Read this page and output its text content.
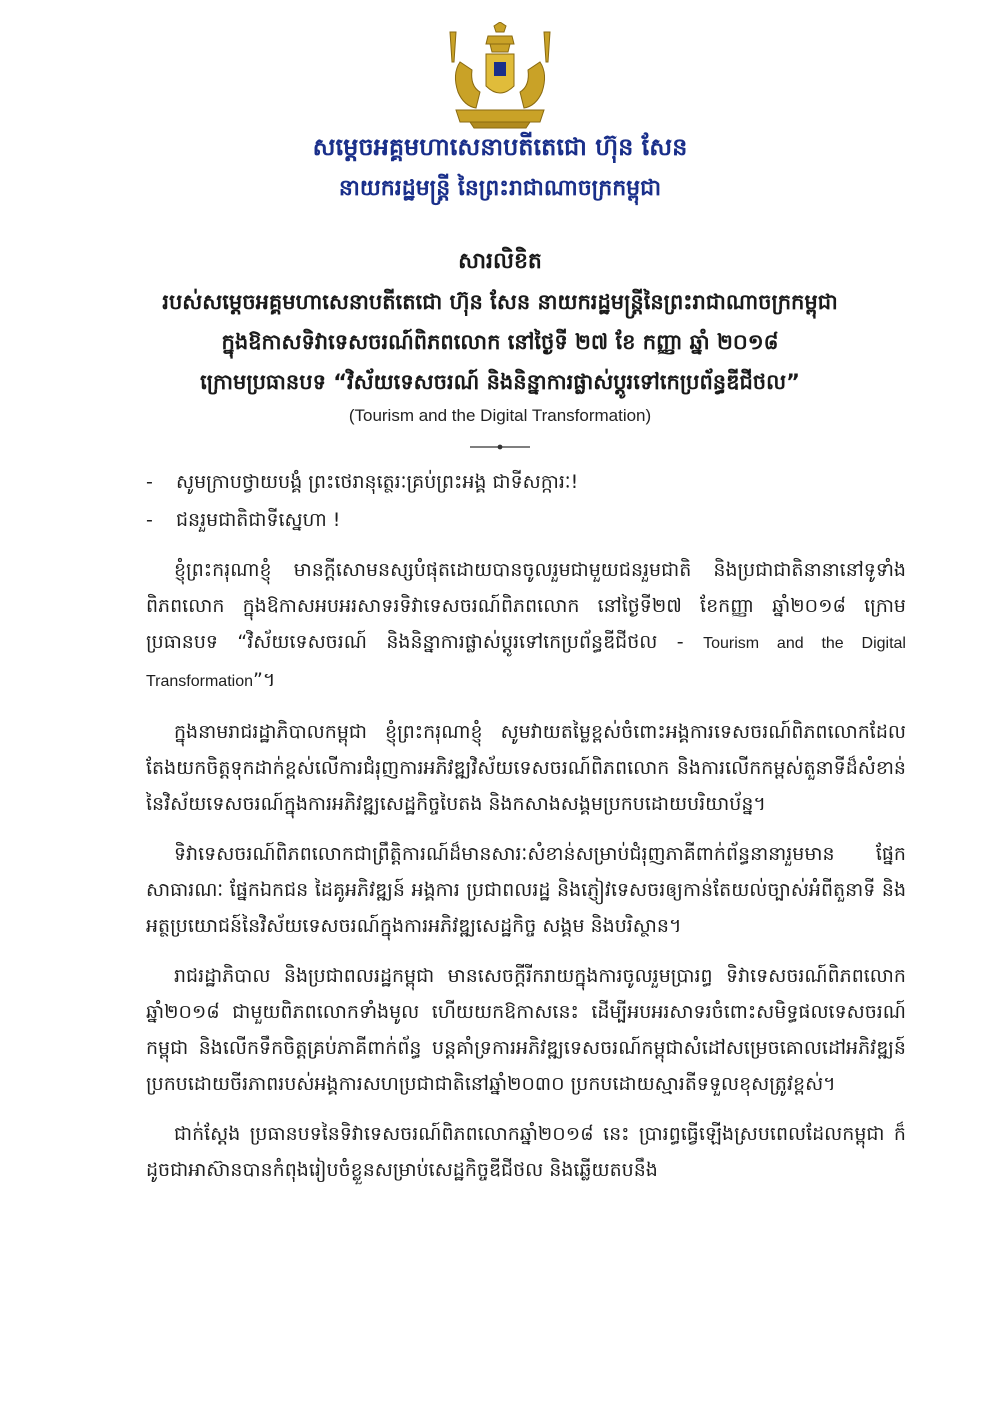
សម្តេចអគ្គមហាសេនាបតីតេជោ ហ៊ុន សែន
នាយករដ្ឋមន្ត្រី នៃព្រះរាជាណាចក្រកម្ពុជា
សារលិខិត
របស់សម្តេចអគ្គមហាសេនាបតីតេជោ ហ៊ុន សែន នាយករដ្ឋមន្ត្រីនៃព្រះរាជាណាចក្រកម្ពុជា
ក្នុងឱកាសទិវាទេសចរណ៍ពិភពលោក នៅថ្ងៃទី ២៧ ខែ កញ្ញា ឆ្នាំ ២០១៨
ក្រោមប្រធានបទ “វិស័យទេសចរណ៍ និងនិន្នាការផ្លាស់ប្តូរទៅកេប្រព័ន្ធឌីជីថល”
(Tourism and the Digital Transformation)
-	សូមក្រាបថ្វាយបង្គំ ព្រះថេរានុត្ថេរៈគ្រប់ព្រះអង្គ ជាទីសក្ការៈ!
-	ជនរួមជាតិជាទីស្នេហា !

ខ្ញុំព្រះករុណាខ្ញុំ មានក្តីសោមនស្សបំផុតដោយបានចូលរួមជាមួយជនរួមជាតិ និងប្រជាជាតិនានានៅទូទាំងពិភពលោក ក្នុងឱកាសអបអរសាទរទិវាទេសចរណ៍ពិភពលោក នៅថ្ងៃទី២៧ ខែកញ្ញា ឆ្នាំ២០១៨ ក្រោមប្រធានបទ “វិស័យទេសចរណ៍ និងនិន្នាការផ្លាស់ប្តូរទៅកេប្រព័ន្ធឌីជីថល - Tourism and the Digital Transformation”។

ក្នុងនាមរាជរដ្ឋាភិបាលកម្ពុជា ខ្ញុំព្រះករុណាខ្ញុំ សូមវាយតម្លៃខ្ពស់ចំពោះអង្គការទេសចរណ៍ពិភពលោកដែលតែងយកចិត្តទុកដាក់ខ្ពស់លើការជំរុញការអភិវឌ្ឍវិស័យទេសចរណ៍ពិភពលោក និងការលើកកម្ពស់តួនាទីដ៏សំខាន់នៃវិស័យទេសចរណ៍ក្នុងការអភិវឌ្ឍសេដ្ឋកិច្ចបៃតង និងកសាងសង្គមប្រកបដោយបរិយាប័ន្ន។

ទិវាទេសចរណ៍ពិភពលោកជាព្រឹត្តិការណ៍ដ៏មានសារៈសំខាន់សម្រាប់ជំរុញភាគីពាក់ព័ន្ធនានារួមមាន ផ្នែកសាធារណៈ ផ្នែកឯកជន ដៃគូអភិវឌ្ឍន៍ អង្គការ ប្រជាពលរដ្ឋ និងភ្ញៀវទេសចរឲ្យកាន់តែយល់ច្បាស់អំពីតួនាទី និងអត្ថប្រយោជន៍នៃវិស័យទេសចរណ៍ក្នុងការអភិវឌ្ឍសេដ្ឋកិច្ច សង្គម និងបរិស្ថាន។

រាជរដ្ឋាភិបាល និងប្រជាពលរដ្ឋកម្ពុជា មានសេចក្តីរីករាយក្នុងការចូលរួមប្រារព្ធ ទិវាទេសចរណ៍ពិភពលោកឆ្នាំ២០១៨ ជាមួយពិភពលោកទាំងមូល ហើយយកឱកាសនេះ ដើម្បីអបអរសាទរចំពោះសមិទ្ធផលទេសចរណ៍កម្ពុជា និងលើកទឹកចិត្តគ្រប់ភាគីពាក់ព័ន្ធ បន្តគាំទ្រការអភិវឌ្ឍទេសចរណ៍កម្ពុជាសំដៅសម្រេចគោលដៅអភិវឌ្ឍន៍ប្រកបដោយចីរភាពរបស់អង្គការសហប្រជាជាតិនៅឆ្នាំ២០៣០ ប្រកបដោយស្មារតីទទួលខុសត្រូវខ្ពស់។

ជាក់ស្តែង ប្រធានបទនៃទិវាទេសចរណ៍ពិភពលោកឆ្នាំ២០១៨ នេះ ប្រារព្ធធ្វើឡើងស្របពេលដែលកម្ពុជា ក៏ដូចជាអាស៊ានបានកំពុងរៀបចំខ្លួនសម្រាប់សេដ្ឋកិច្ចឌីជីថល និងឆ្លើយតបនឹង
